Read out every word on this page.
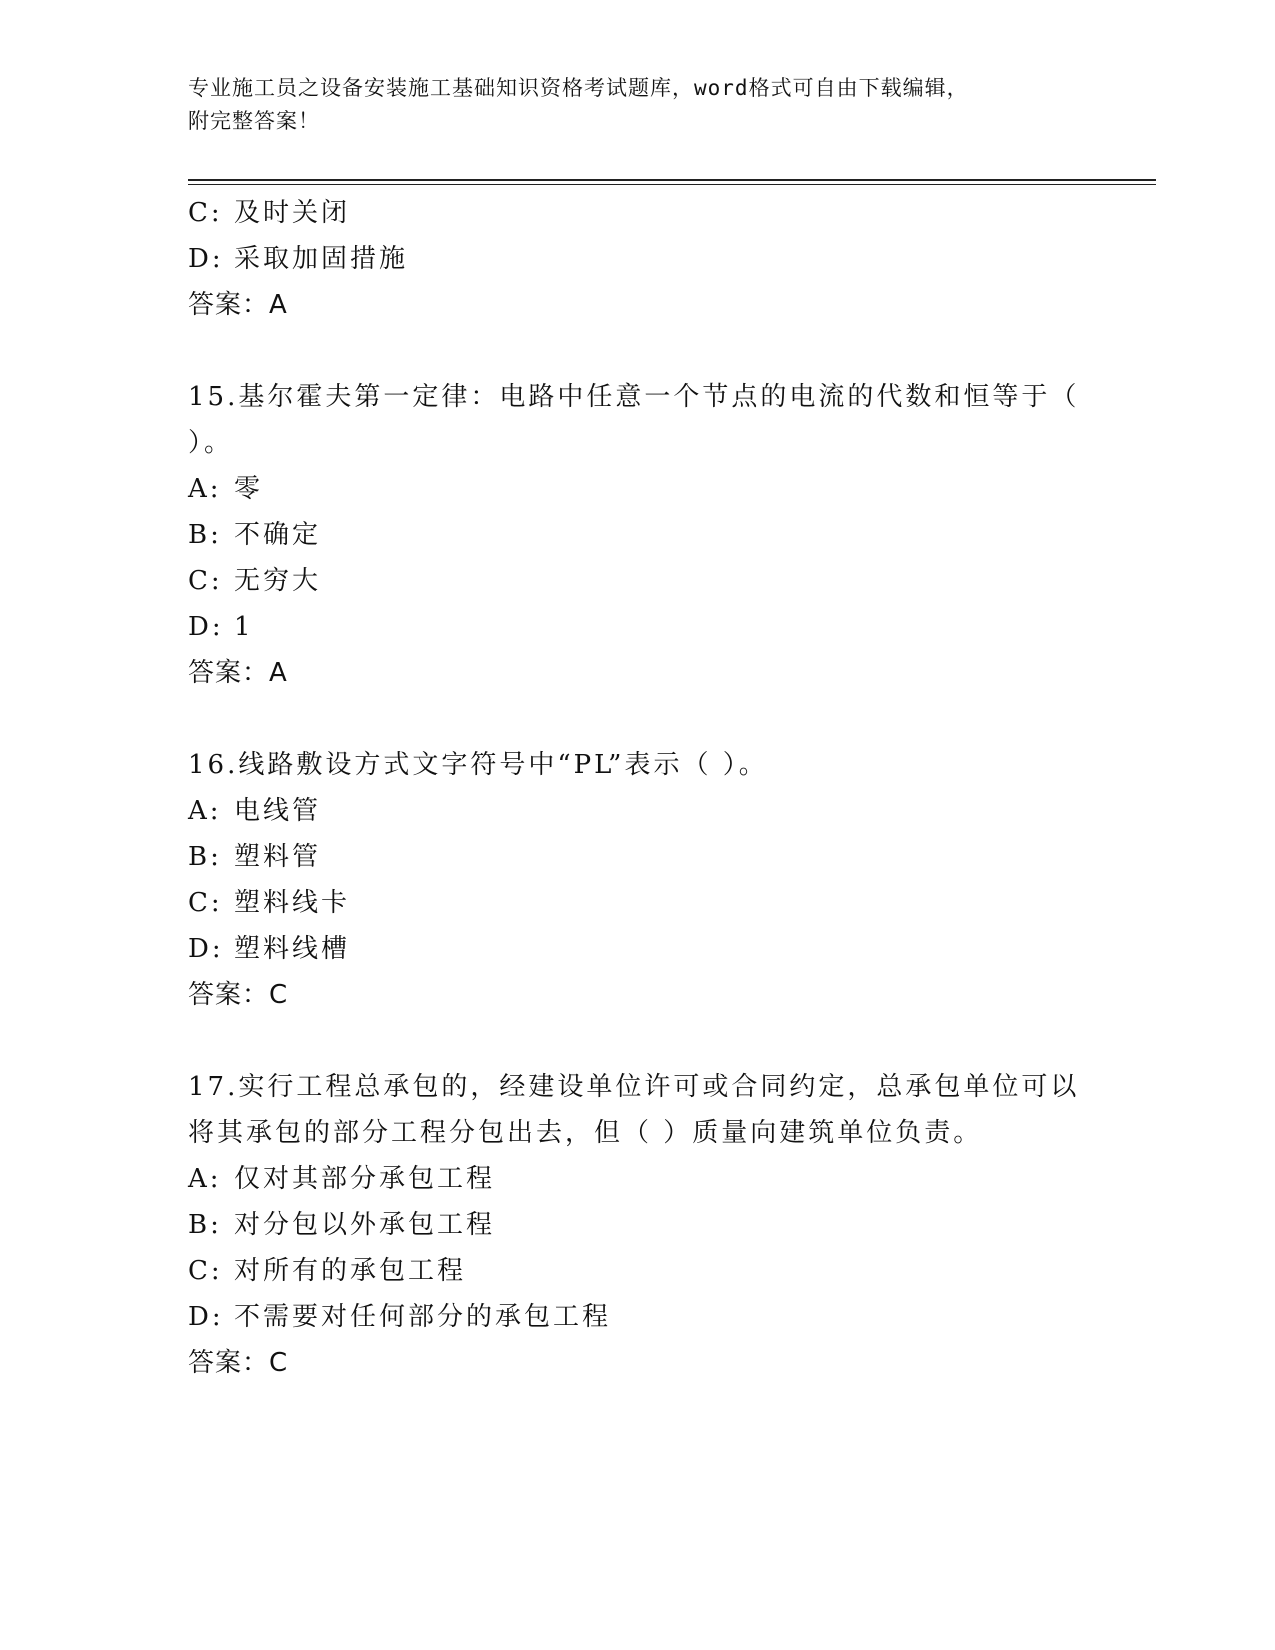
专业施工员之设备安装施工基础知识资格考试题库，word格式可自由下载编辑，
附完整答案！
C: 及时关闭
D: 采取加固措施
答案：A
15.基尔霍夫第一定律：电路中任意一个节点的电流的代数和恒等于（
）。
A: 零
B: 不确定
C: 无穷大
D: 1
答案：A
16.线路敷设方式文字符号中“PL”表示（ ）。
A: 电线管
B: 塑料管
C: 塑料线卡
D: 塑料线槽
答案：C
17.实行工程总承包的，经建设单位许可或合同约定，总承包单位可以
将其承包的部分工程分包出去，但（ ）质量向建筑单位负责。
A: 仅对其部分承包工程
B: 对分包以外承包工程
C: 对所有的承包工程
D: 不需要对任何部分的承包工程
答案：C
